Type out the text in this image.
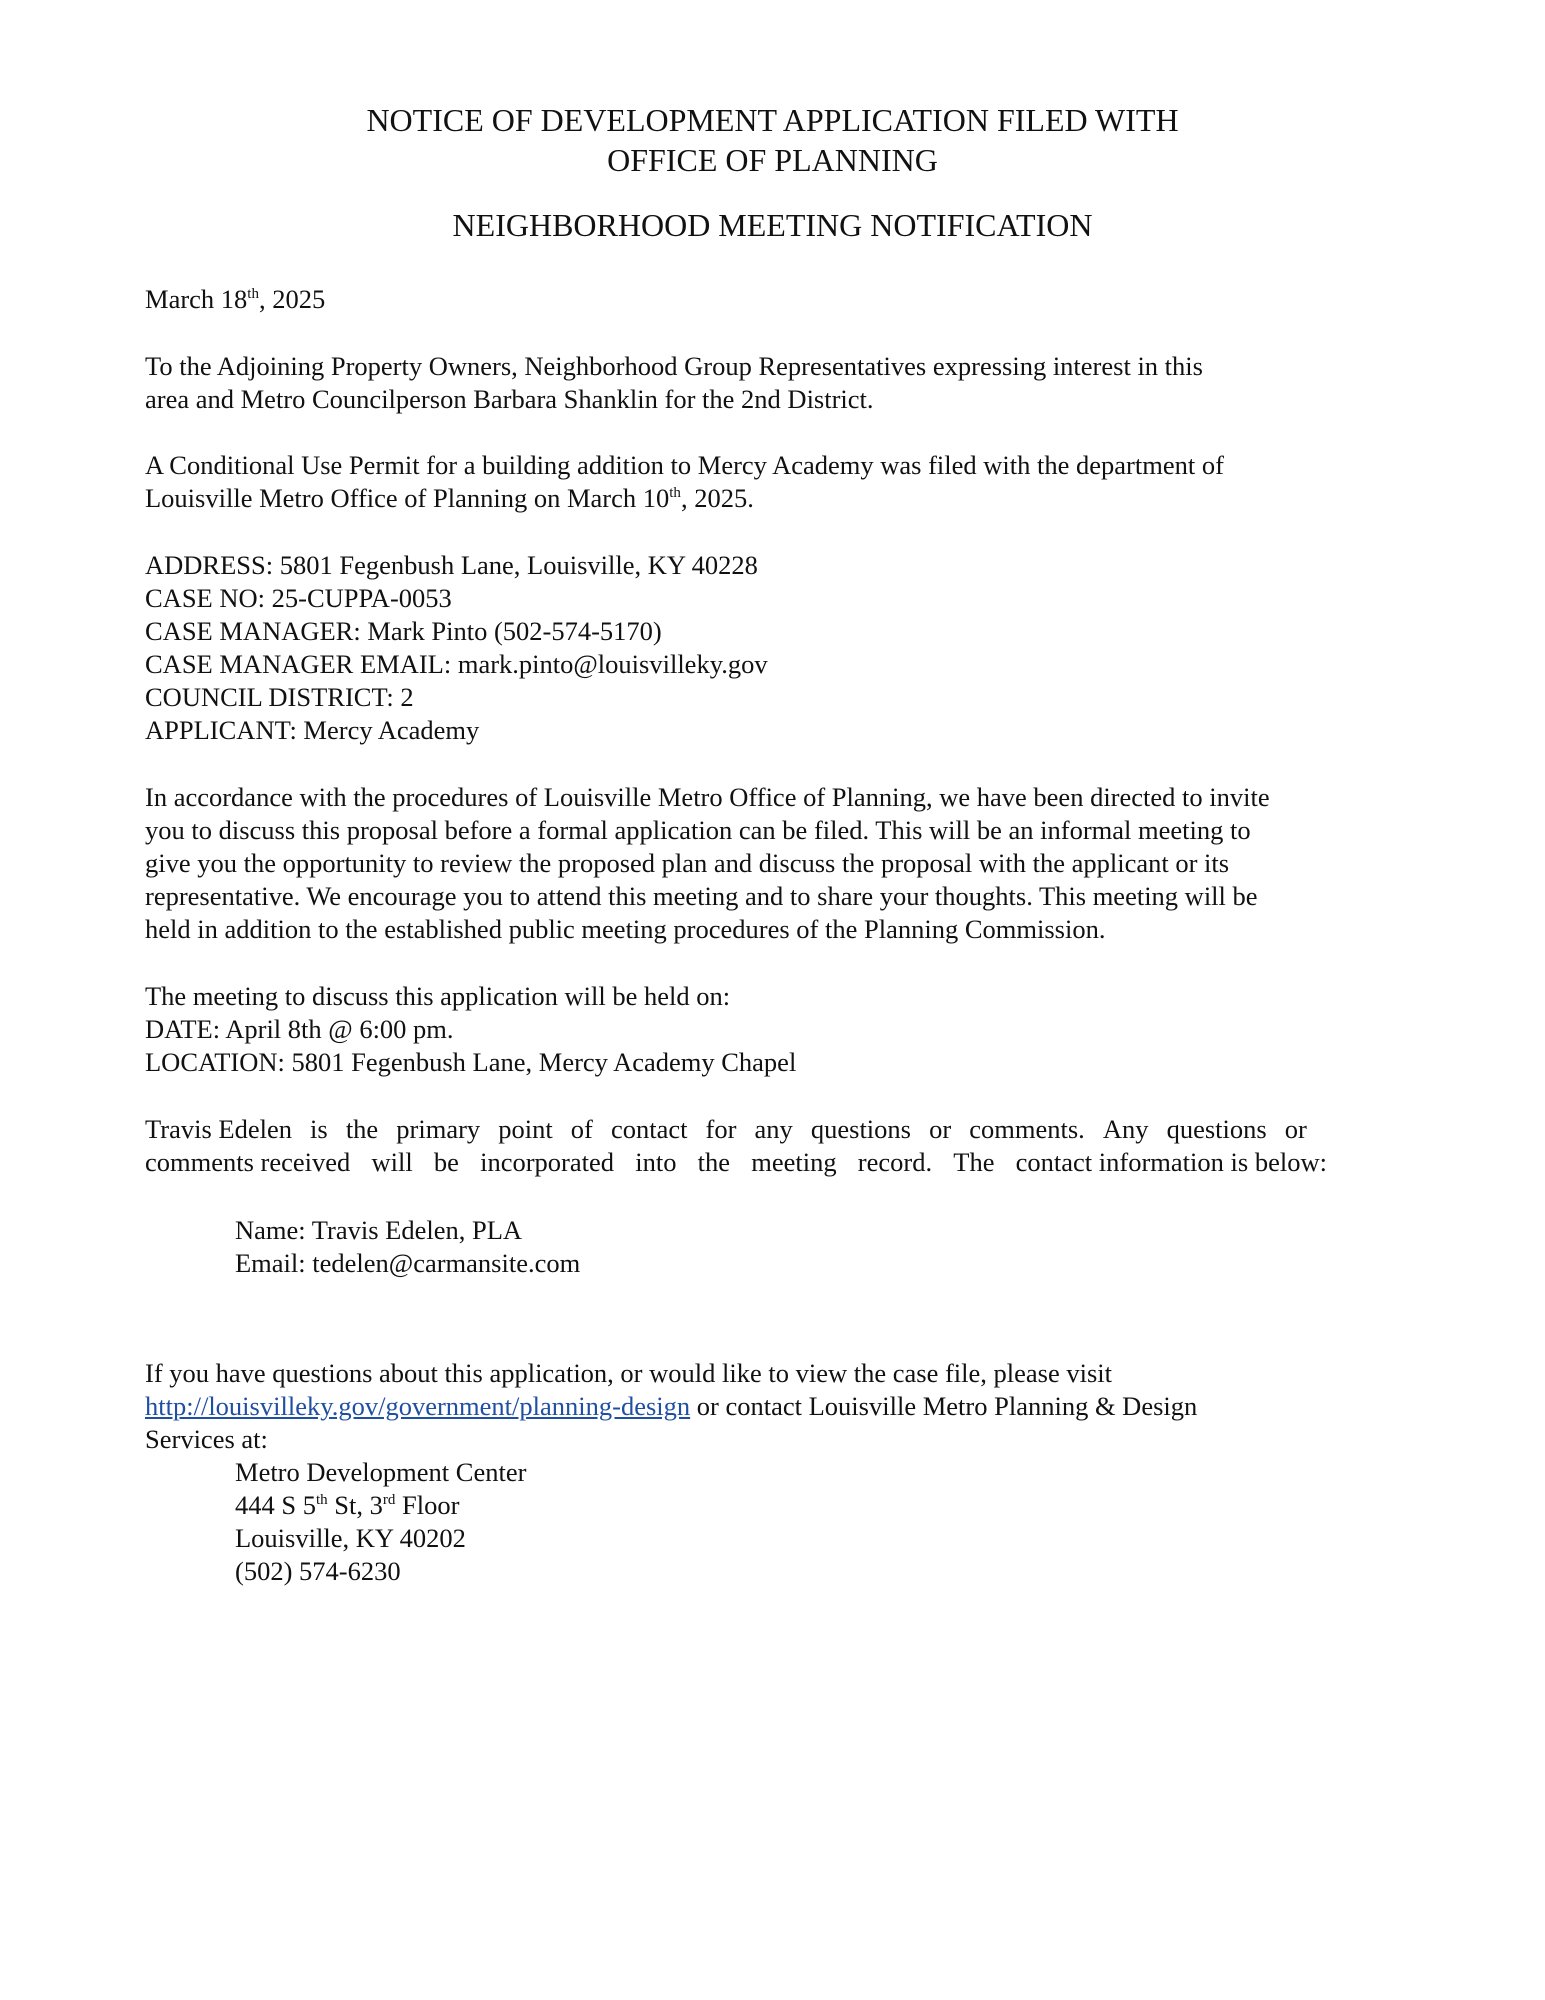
NOTICE OF DEVELOPMENT APPLICATION FILED WITH
OFFICE OF PLANNING
NEIGHBORHOOD MEETING NOTIFICATION
March 18th, 2025
To the Adjoining Property Owners, Neighborhood Group Representatives expressing interest in this
area and Metro Councilperson Barbara Shanklin for the 2nd District.
A Conditional Use Permit for a building addition to Mercy Academy was filed with the department of
Louisville Metro Office of Planning on March 10th, 2025.
ADDRESS: 5801 Fegenbush Lane, Louisville, KY 40228
CASE NO: 25-CUPPA-0053
CASE MANAGER: Mark Pinto (502-574-5170)
CASE MANAGER EMAIL: mark.pinto@louisvilleky.gov
COUNCIL DISTRICT: 2
APPLICANT: Mercy Academy
In accordance with the procedures of Louisville Metro Office of Planning, we have been directed to invite
you to discuss this proposal before a formal application can be filed. This will be an informal meeting to
give you the opportunity to review the proposed plan and discuss the proposal with the applicant or its
representative. We encourage you to attend this meeting and to share your thoughts. This meeting will be
held in addition to the established public meeting procedures of the Planning Commission.
The meeting to discuss this application will be held on:
DATE: April 8th @ 6:00 pm.
LOCATION: 5801 Fegenbush Lane, Mercy Academy Chapel
Travis Edelen is the primary point of contact for any questions or comments. Any questions or
comments received will be incorporated into the meeting record. The contact information is below:
Name: Travis Edelen, PLA
Email: tedelen@carmansite.com
If you have questions about this application, or would like to view the case file, please visit
http://louisvilleky.gov/government/planning-design or contact Louisville Metro Planning & Design
Services at:
Metro Development Center
444 S 5th St, 3rd Floor
Louisville, KY 40202
(502) 574-6230
